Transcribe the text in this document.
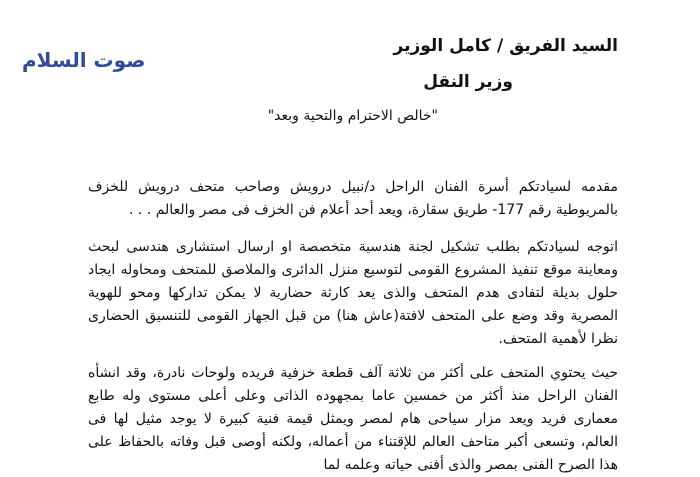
صوت السلام
السيد الفريق / كامل الوزير
وزير النقل
"خالص الاحترام والتحية وبعد"
مقدمه لسيادتكم أسرة الفنان الراحل د/نبيل درويش وصاحب متحف درويش للخزف بالمريوطية رقم 177- طريق سقارة، ويعد أحد أعلام فن الخزف فى مصر والعالم . . .
اتوجه لسيادتكم بطلب تشكيل لجنة هندسية متخصصة او ارسال استشارى هندسى لبحث ومعاينة موقع تنفيذ المشروع القومى لتوسيع منزل الدائرى والملاصق للمتحف ومحاوله ايجاد حلول بديلة لتفادى هدم المتحف والذى يعد كارثة حضارية لا يمكن تداركها ومحو للهوية المصرية وقد وضع على المتحف لافتة(عاش هنا) من قبل الجهاز القومى للتنسيق الحضارى نظرا لأهمية المتحف.
حيث يحتوي المتحف على أكثر من ثلاثة آلف قطعة خزفية فريده ولوحات نادرة، وقد انشأه الفنان الراحل منذ أكثر من خمسين عاما بمجهوده الذاتى وعلى أعلى مستوى وله طابع معمارى فريد ويعد مزار سياحى هام لمصر ويمثل قيمة فنية كبيرة لا يوجد مثيل لها فى العالم، وتسعى أكبر متاحف العالم للإقتناء من أعماله، ولكنه أوصى قبل وفاته بالحفاظ على هذا الصرح الفنى بمصر والذى أفنى حياته وعلمه لما
